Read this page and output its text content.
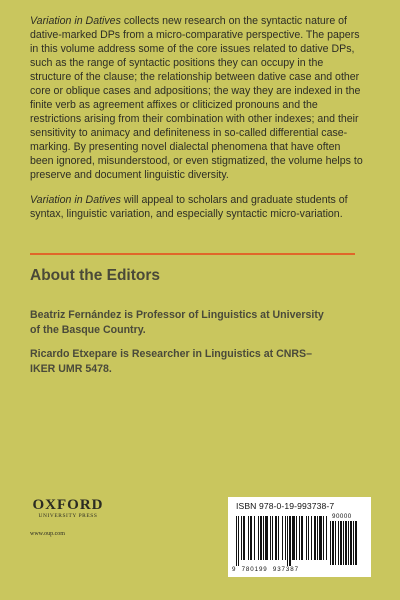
Variation in Datives collects new research on the syntactic nature of dative-marked DPs from a micro-comparative perspective. The papers in this volume address some of the core issues related to dative DPs, such as the range of syntactic positions they can occupy in the structure of the clause; the relationship between dative case and other core or oblique cases and adpositions; the way they are indexed in the finite verb as agreement affixes or cliticized pronouns and the restrictions arising from their combination with other indexes; and their sensitivity to animacy and definiteness in so-called differential case-marking. By presenting novel dialectal phenomena that have often been ignored, misunderstood, or even stigmatized, the volume helps to preserve and document linguistic diversity.

Variation in Datives will appeal to scholars and graduate students of syntax, linguistic variation, and especially syntactic micro-variation.

About the Editors

Beatriz Fernández is Professor of Linguistics at University of the Basque Country.

Ricardo Etxepare is Researcher in Linguistics at CNRS–IKER UMR 5478.

OXFORD
UNIVERSITY PRESS
www.oup.com
ISBN 978-0-19-993738-7
90000
9  780199  937387
